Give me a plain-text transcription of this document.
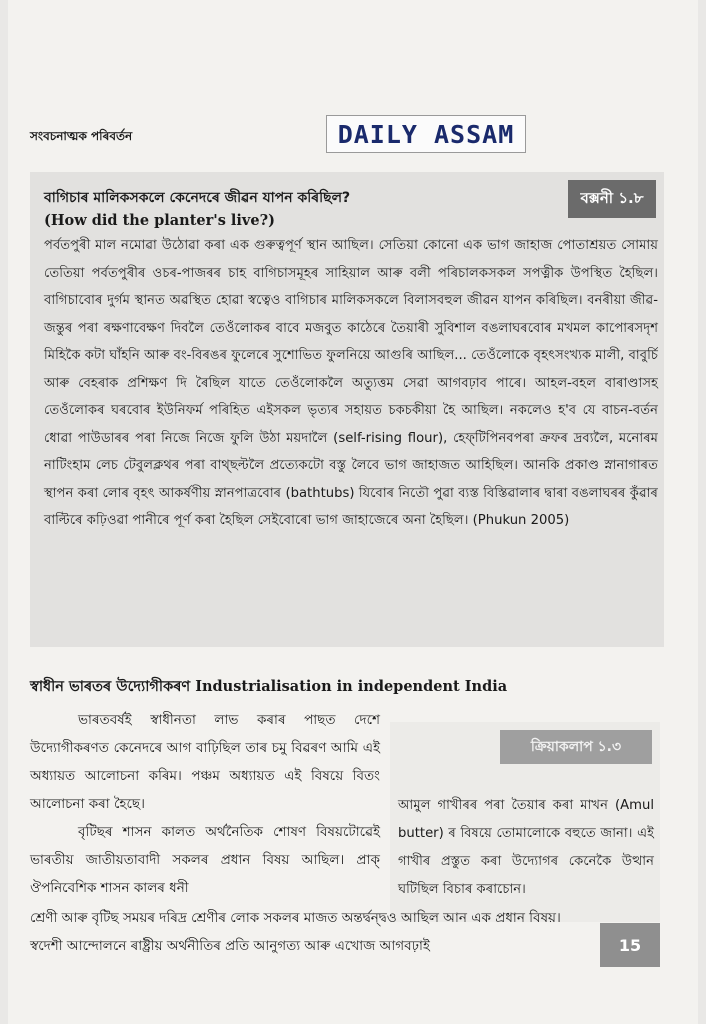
সংবচনাত্মক পৰিবৰ্তন	DAILY ASSAM
বাগিচাৰ মালিকসকলে কেনেদৰে জীৱন যাপন কৰিছিল?
(How did the planter's live?)
বক্সনী ১.৮
পৰ্বতপুৰী মাল নমোৱা উঠোৱা কৰা এক গুৰুত্বপূৰ্ণ স্থান আছিল। সেতিয়া কোনো এক ভাগ জাহাজ পোতাশ্ৰয়ত সোমায় তেতিয়া পৰ্বতপুৰীৰ ওচৰ-পাজৰৰ চাহ বাগিচাসমূহৰ সাহিয়াল আৰু বলী পৰিচালকসকল সপত্নীক উপস্থিত হৈছিল। বাগিচাবোৰ দুৰ্গম স্থানত অৱস্থিত হোৱা স্বত্বেও বাগিচাৰ মালিকসকলে বিলাসবহুল জীৱন যাপন কৰিছিল। বনৰীয়া জীৱ-জন্তুৰ পৰা ৰক্ষণাবেক্ষণ দিবলৈ তেওঁলোকৰ বাবে মজবুত কাঠেৰে তৈয়াৰী সুবিশাল বঙলাঘৰবোৰ মখমল কাপোৰসদৃশ মিহিকৈ কটা ঘাঁহনি আৰু বং-বিৰঙৰ ফুলেৰে সুশোভিত ফুলনিয়ে আগুৰি আছিল... তেওঁলোকে বৃহৎসংখ্যক মালী, বাবুৰ্চি আৰু বেহৰাক প্ৰশিক্ষণ দি ৰৈছিল যাতে তেওঁলোকলৈ অত্যুত্তম সেৱা আগবঢ়াব পাৰে। আহল-বহল বাৰাণ্ডাসহ তেওঁলোকৰ ঘৰবোৰ ইউনিফৰ্ম পৰিহিত এইসকল ভৃত্যৰ সহায়ত চকচকীয়া হৈ আছিল। নকলেও হ'ব যে বাচন-বৰ্তন ধোৱা পাউডাৰৰ পৰা নিজে নিজে ফুলি উঠা ময়দালৈ (self-rising flour), হেফ্‌টিপিনবপৰা ক্ৰফৰ দ্ৰব্যলৈ, মনোৰম নাটিংহাম লেচ টেবুলক্লথৰ পৰা বাথ্‌ছল্টলৈ প্ৰত্যেকটো বস্তু লৈবে ভাগ জাহাজত আহিছিল। আনকি প্ৰকাণ্ড স্নানাগাৰত স্থাপন কৰা লোৰ বৃহৎ আকৰ্ষণীয় স্নানপাত্ৰবোৰ (bathtubs) যিবোৰ নিতৌ পুৱা ব্যস্ত বিস্তিৱালাৰ দ্বাৰা বঙলাঘৰৰ কুঁৱাৰ বাল্টিৰে কঢ়িওৱা পানীৰে পূৰ্ণ কৰা হৈছিল সেইবোৰো ভাগ জাহাজেৰে অনা হৈছিল। (Phukun 2005)
স্বাধীন ভাৰতৰ উদ্যোগীকৰণ Industrialisation in independent India

ভাৰতবৰ্ষই স্বাধীনতা লাভ কৰাৰ পাছত দেশে উদ্যোগীকৰণত কেনেদৰে আগ বাঢ়িছিল তাৰ চমু বিৱৰণ আমি এই অধ্যায়ত আলোচনা কৰিম। পঞ্চম অধ্যায়ত এই বিষয়ে বিতং আলোচনা কৰা হৈছে।

বৃটিছৰ শাসন কালত অৰ্থনৈতিক শোষণ বিষয়টোৱেই ভাৰতীয় জাতীয়তাবাদী সকলৰ প্ৰধান বিষয় আছিল। প্ৰাক্ ঔপনিবেশিক শাসন কালৰ ধনী

ক্ৰিয়াকলাপ ১.৩
আমুল গাখীৰৰ পৰা তৈয়াৰ কৰা মাখন (Amul butter) ৰ বিষয়ে তোমালোকে বহুতে জানা। এই গাখীৰ প্ৰস্তুত কৰা উদ্যোগৰ কেনেকৈ উত্থান ঘটিছিল বিচাৰ কৰাচোন।
শ্ৰেণী আৰু বৃটিছ সময়ৰ দৰিদ্ৰ শ্ৰেণীৰ লোক সকলৰ মাজত অন্তৰ্দ্বন্দ্বও আছিল আন এক প্ৰধান বিষয়। স্বদেশী আন্দোলনে ৰাষ্ট্ৰীয় অৰ্থনীতিৰ প্ৰতি আনুগত্য আৰু এখোজ আগবঢ়াই	15
